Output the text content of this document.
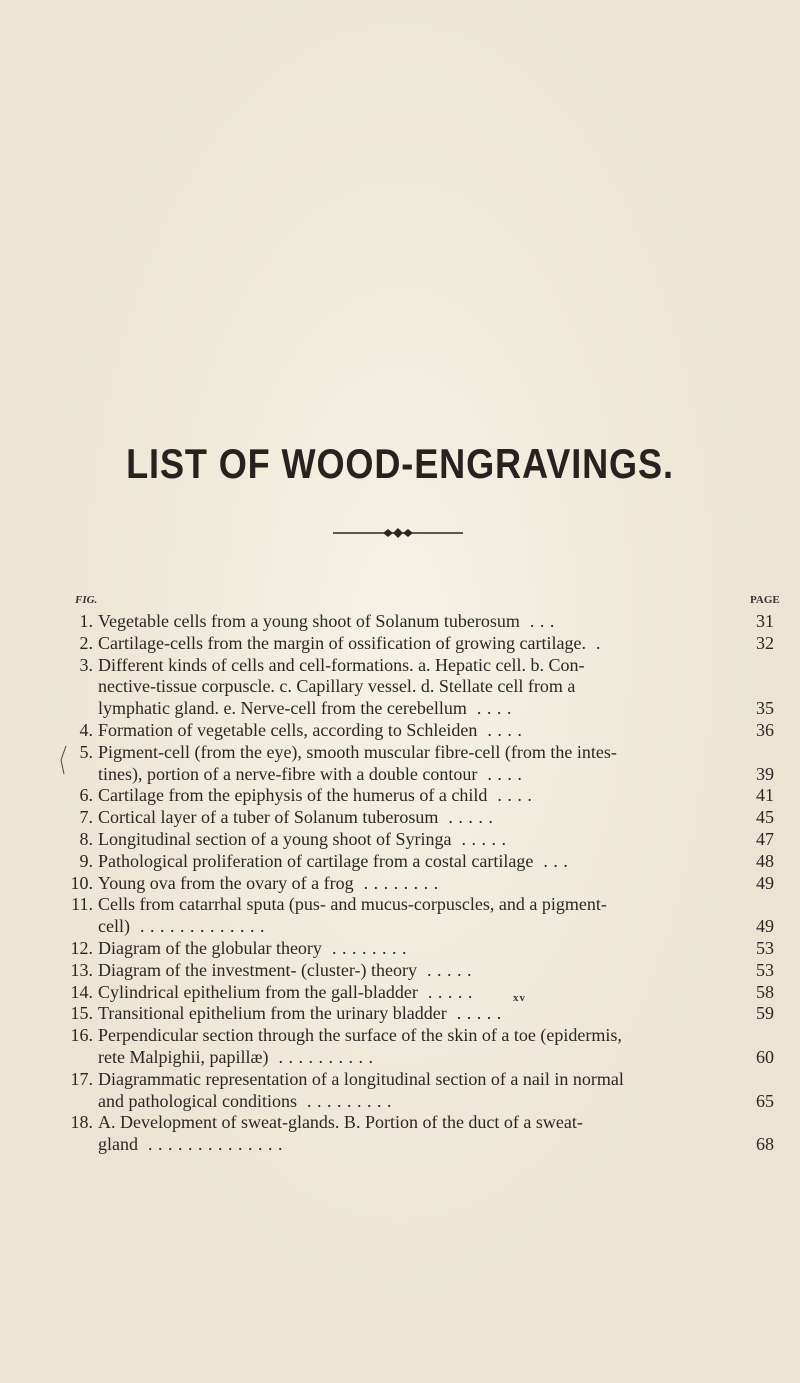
LIST OF WOOD-ENGRAVINGS.
FIG.	PAGE
1. Vegetable cells from a young shoot of Solanum tuberosum . . .	31
2. Cartilage-cells from the margin of ossification of growing cartilage. .	32
3. Different kinds of cells and cell-formations. a. Hepatic cell. b. Con-
nective-tissue corpuscle. c. Capillary vessel. d. Stellate cell from a
lymphatic gland. e. Nerve-cell from the cerebellum . . . .	35
4. Formation of vegetable cells, according to Schleiden . . . .	36
5. Pigment-cell (from the eye), smooth muscular fibre-cell (from the intes-
tines), portion of a nerve-fibre with a double contour . . . .	39
6. Cartilage from the epiphysis of the humerus of a child . . . .	41
7. Cortical layer of a tuber of Solanum tuberosum . . . . .	45
8. Longitudinal section of a young shoot of Syringa . . . . .	47
9. Pathological proliferation of cartilage from a costal cartilage . . .	48
10. Young ova from the ovary of a frog . . . . . . . .	49
11. Cells from catarrhal sputa (pus- and mucus-corpuscles, and a pigment-
cell) . . . . . . . . . . . . .	49
12. Diagram of the globular theory . . . . . . . .	53
13. Diagram of the investment- (cluster-) theory . . . . .	53
14. Cylindrical epithelium from the gall-bladder . . . . .	58
15. Transitional epithelium from the urinary bladder . . . . .	59
16. Perpendicular section through the surface of the skin of a toe (epidermis,
rete Malpighii, papillæ) . . . . . . . . . .	60
17. Diagrammatic representation of a longitudinal section of a nail in normal
and pathological conditions . . . . . . . . .	65
18. A. Development of sweat-glands. B. Portion of the duct of a sweat-
gland . . . . . . . . . . . . . .	68
xv
